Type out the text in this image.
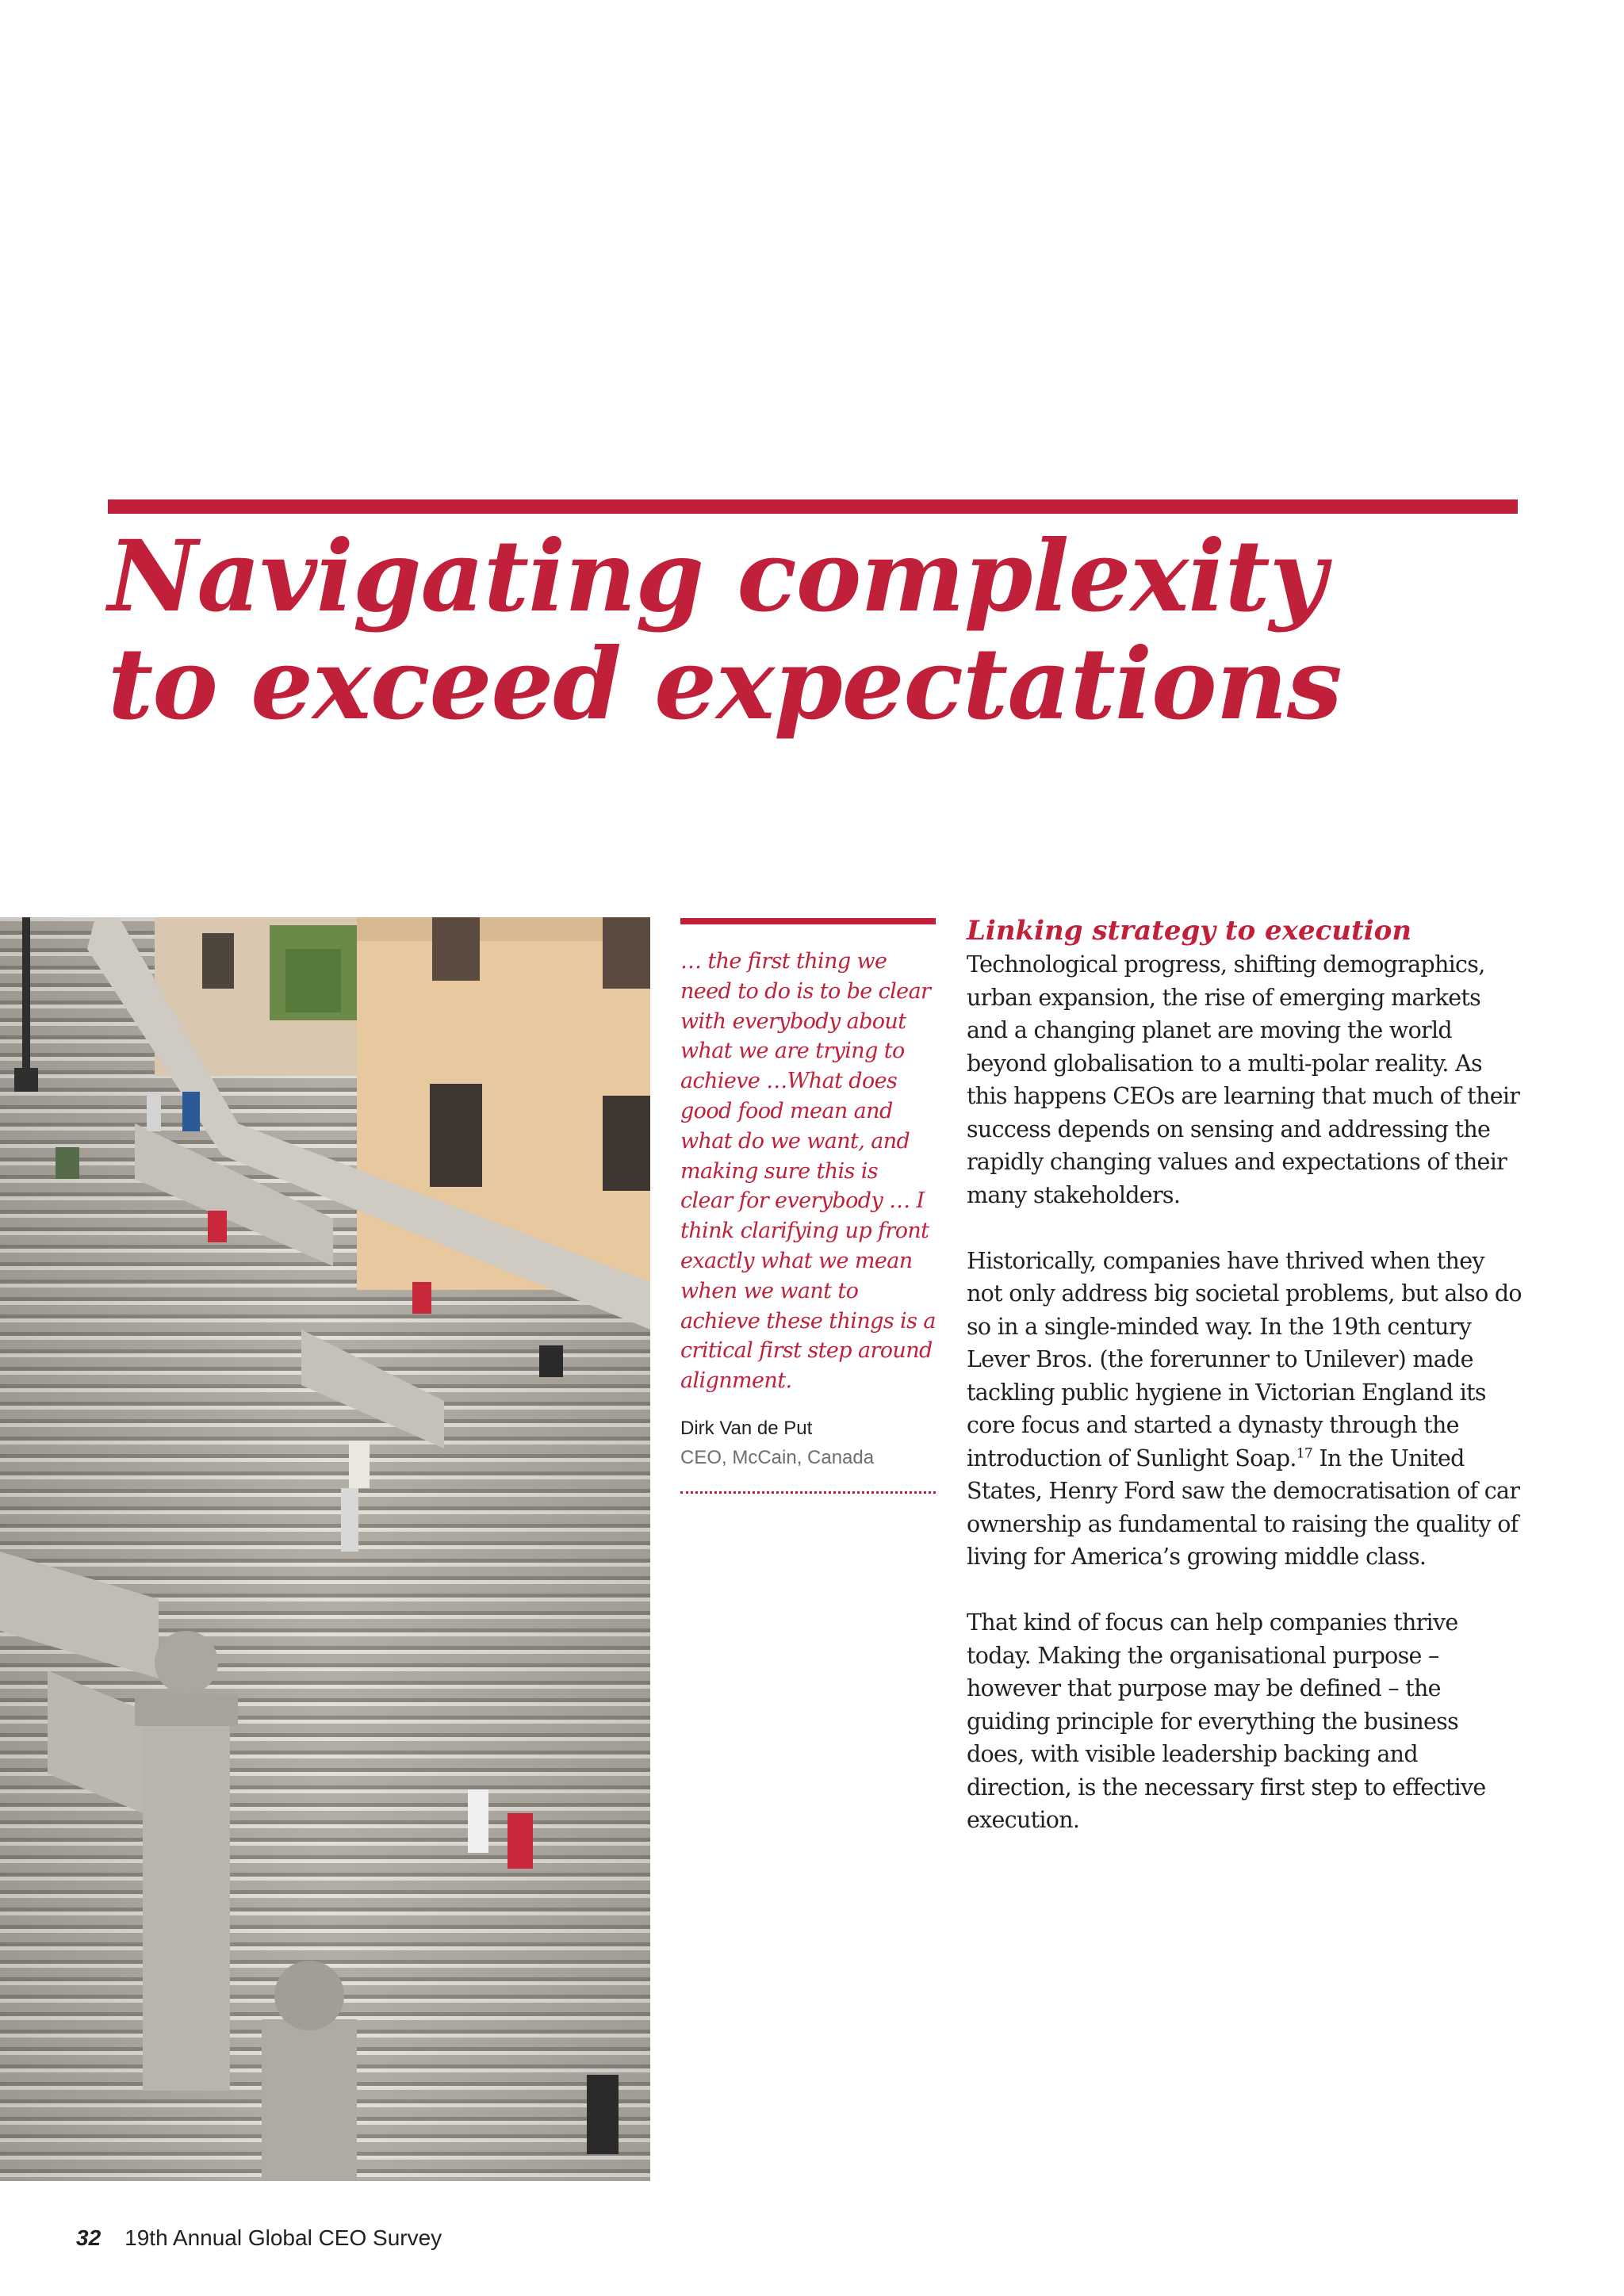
Navigating complexity
to exceed expectations

… the first thing we need to do is to be clear with everybody about what we are trying to achieve …What does good food mean and what do we want, and making sure this is clear for everybody … I think clarifying up front exactly what we mean when we want to achieve these things is a critical first step around alignment.

Dirk Van de Put

CEO, McCain, Canada

Linking strategy to execution

Technological progress, shifting demographics, urban expansion, the rise of emerging markets and a changing planet are moving the world beyond globalisation to a multi-polar reality. As this happens CEOs are learning that much of their success depends on sensing and addressing the rapidly changing values and expectations of their many stakeholders.

Historically, companies have thrived when they not only address big societal problems, but also do so in a single-minded way. In the 19th century Lever Bros. (the forerunner to Unilever) made tackling public hygiene in Victorian England its core focus and started a dynasty through the introduction of Sunlight Soap.$^{17}$ In the United States, Henry Ford saw the democratisation of car ownership as fundamental to raising the quality of living for America’s growing middle class.

That kind of focus can help companies thrive today. Making the organisational purpose – however that purpose may be defined – the guiding principle for everything the business does, with visible leadership backing and direction, is the necessary first step to effective execution.

32 19th Annual Global CEO Survey
